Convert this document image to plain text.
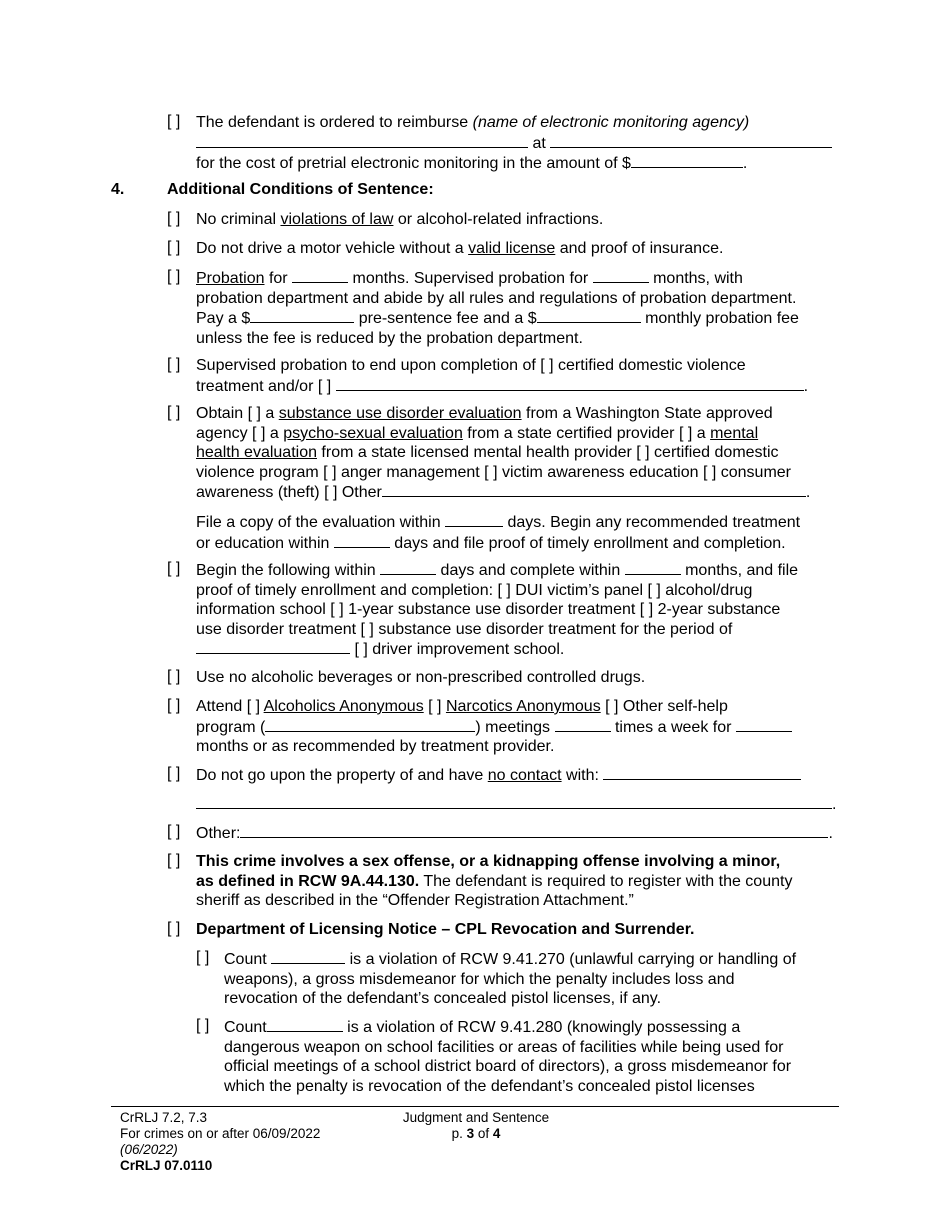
[ ] The defendant is ordered to reimburse (name of electronic monitoring agency)
at
for the cost of pretrial electronic monitoring in the amount of $	.
4.	Additional Conditions of Sentence:
[ ] No criminal violations of law or alcohol-related infractions.
[ ] Do not drive a motor vehicle without a valid license and proof of insurance.
[ ] Probation for	months. Supervised probation for	months, with
probation department and abide by all rules and regulations of probation department.
Pay a $	pre-sentence fee and a $	monthly probation fee
unless the fee is reduced by the probation department.
[ ] Supervised probation to end upon completion of [ ] certified domestic violence
treatment and/or [ ]	.
[ ] Obtain [ ] a substance use disorder evaluation from a Washington State approved
agency [ ] a psycho-sexual evaluation from a state certified provider [ ] a mental
health evaluation from a state licensed mental health provider [ ] certified domestic
violence program [ ] anger management [ ] victim awareness education [ ] consumer
awareness (theft) [ ] Other	.
File a copy of the evaluation within	days. Begin any recommended treatment
or education within	days and file proof of timely enrollment and completion.
[ ] Begin the following within	days and complete within	months, and file
proof of timely enrollment and completion: [ ] DUI victim’s panel [ ] alcohol/drug
information school [ ] 1-year substance use disorder treatment [ ] 2-year substance
use disorder treatment [ ] substance use disorder treatment for the period of
[ ] driver improvement school.
[ ] Use no alcoholic beverages or non-prescribed controlled drugs.
[ ] Attend [ ] Alcoholics Anonymous [ ] Narcotics Anonymous [ ] Other self-help
program (	) meetings	times a week for
months or as recommended by treatment provider.
[ ] Do not go upon the property of and have no contact with:
.
[ ] Other:	.
[ ] This crime involves a sex offense, or a kidnapping offense involving a minor,
as defined in RCW 9A.44.130. The defendant is required to register with the county
sheriff as described in the “Offender Registration Attachment.”
[ ] Department of Licensing Notice – CPL Revocation and Surrender.
[ ] Count	is a violation of RCW 9.41.270 (unlawful carrying or handling of
weapons), a gross misdemeanor for which the penalty includes loss and
revocation of the defendant’s concealed pistol licenses, if any.
[ ] Count	is a violation of RCW 9.41.280 (knowingly possessing a
dangerous weapon on school facilities or areas of facilities while being used for
official meetings of a school district board of directors), a gross misdemeanor for
which the penalty is revocation of the defendant’s concealed pistol licenses
CrRLJ 7.2, 7.3
For crimes on or after 06/09/2022
(06/2022)
CrRLJ 07.0110
Judgment and Sentence
p. 3 of 4
